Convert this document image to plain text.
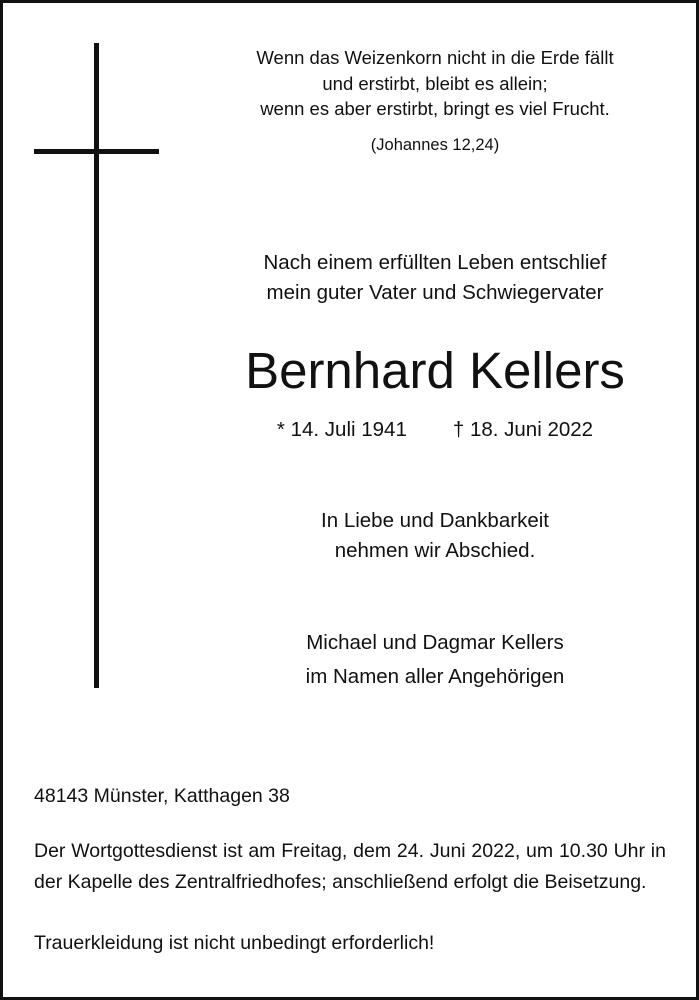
Wenn das Weizenkorn nicht in die Erde fällt
und erstirbt, bleibt es allein;
wenn es aber erstirbt, bringt es viel Frucht.
(Johannes 12,24)
Nach einem erfüllten Leben entschlief
mein guter Vater und Schwiegervater
Bernhard Kellers
* 14. Juli 1941 † 18. Juni 2022
In Liebe und Dankbarkeit
nehmen wir Abschied.
Michael und Dagmar Kellers
im Namen aller Angehörigen
48143 Münster, Katthagen 38
Der Wortgottesdienst ist am Freitag, dem 24. Juni 2022, um 10.30 Uhr in der Kapelle des Zentralfriedhofes; anschließend erfolgt die Beisetzung.
Trauerkleidung ist nicht unbedingt erforderlich!
